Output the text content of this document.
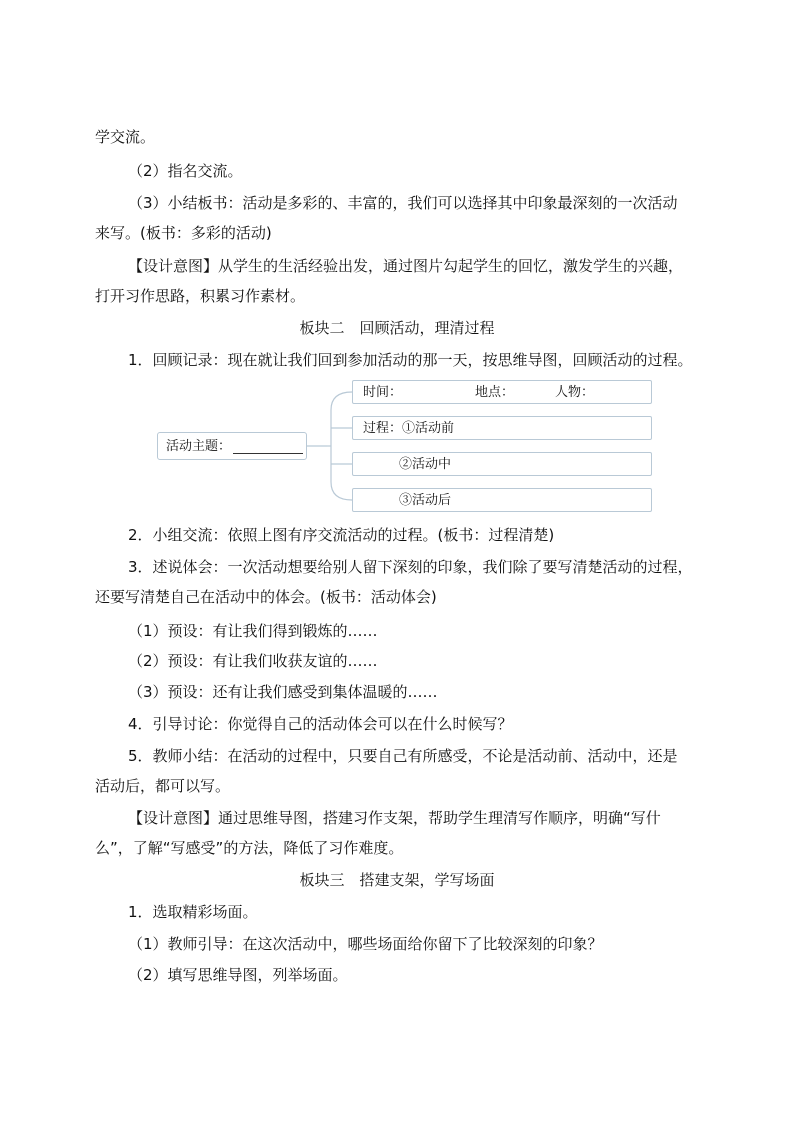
学交流。
（2）指名交流。
（3）小结板书：活动是多彩的、丰富的，我们可以选择其中印象最深刻的一次活动
来写。(板书：多彩的活动)
【设计意图】从学生的生活经验出发，通过图片勾起学生的回忆，激发学生的兴趣，
打开习作思路，积累习作素材。
板块二　回顾活动，理清过程
1．回顾记录：现在就让我们回到参加活动的那一天，按思维导图，回顾活动的过程。
活动主题：
时间：	地点：	人物：
过程：①活动前
②活动中
③活动后
2．小组交流：依照上图有序交流活动的过程。(板书：过程清楚)
3．述说体会：一次活动想要给别人留下深刻的印象，我们除了要写清楚活动的过程，
还要写清楚自己在活动中的体会。(板书：活动体会)
（1）预设：有让我们得到锻炼的……
（2）预设：有让我们收获友谊的……
（3）预设：还有让我们感受到集体温暖的……
4．引导讨论：你觉得自己的活动体会可以在什么时候写？
5．教师小结：在活动的过程中，只要自己有所感受，不论是活动前、活动中，还是
活动后，都可以写。
【设计意图】通过思维导图，搭建习作支架，帮助学生理清写作顺序，明确“写什
么”，了解“写感受”的方法，降低了习作难度。
板块三　搭建支架，学写场面
1．选取精彩场面。
（1）教师引导：在这次活动中，哪些场面给你留下了比较深刻的印象？
（2）填写思维导图，列举场面。
